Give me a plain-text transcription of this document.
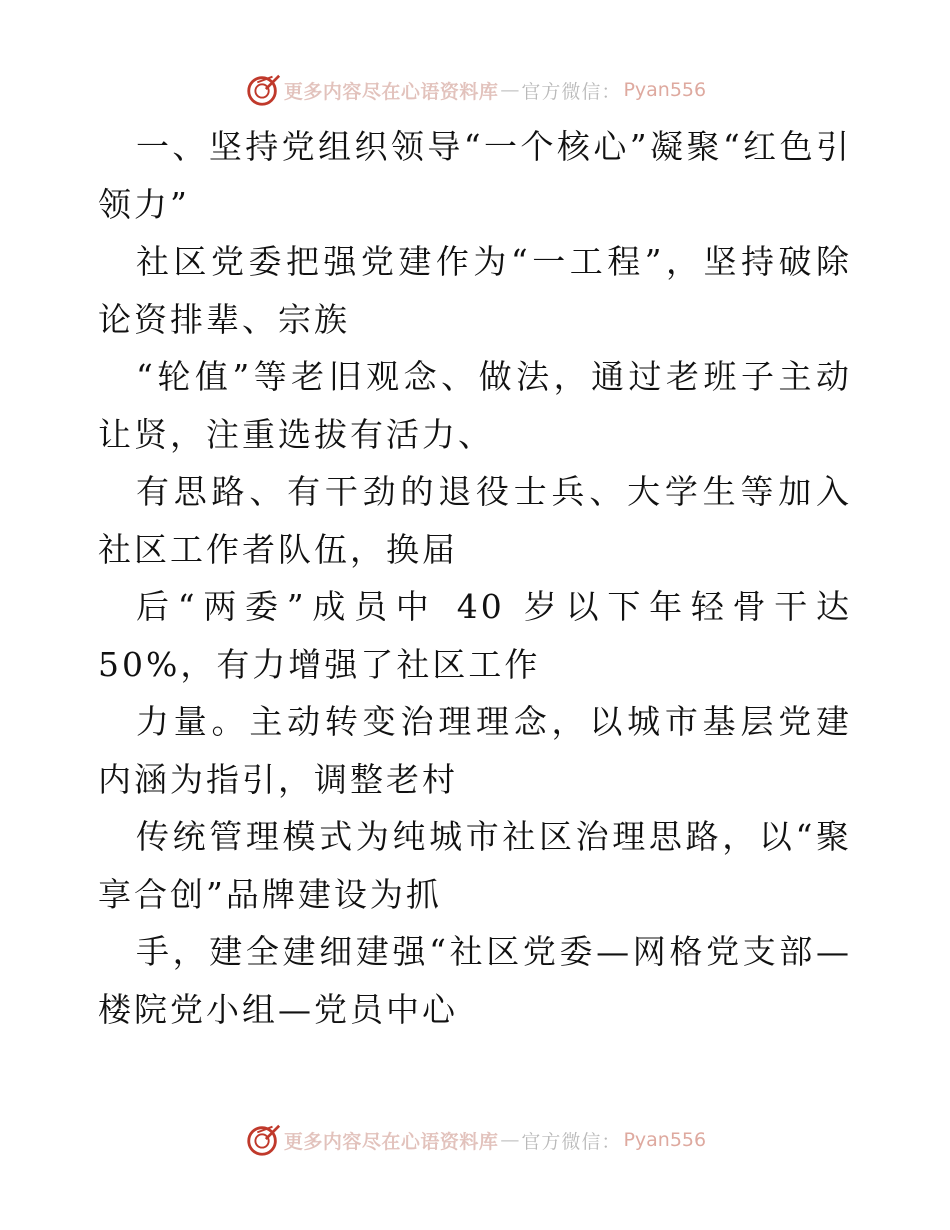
更多内容尽在心语资料库 — 官方微信： Pyan556

一、坚持党组织领导“一个核心”凝聚“红色引领力”

社区党委把强党建作为“一工程”，坚持破除论资排辈、宗族

“轮值”等老旧观念、做法，通过老班子主动让贤，注重选拔有活力、

有思路、有干劲的退役士兵、大学生等加入社区工作者队伍，换届

后“两委”成员中 40 岁以下年轻骨干达 50%，有力增强了社区工作

力量。主动转变治理理念，以城市基层党建内涵为指引，调整老村

传统管理模式为纯城市社区治理思路，以“聚享合创”品牌建设为抓

手，建全建细建强“社区党委—网格党支部—楼院党小组—党员中心

更多内容尽在心语资料库 — 官方微信： Pyan556
